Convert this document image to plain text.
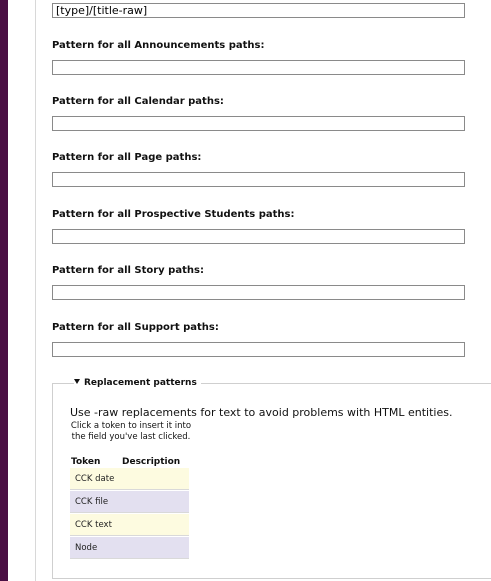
[type]/[title-raw]
Pattern for all Announcements paths:
Pattern for all Calendar paths:
Pattern for all Page paths:
Pattern for all Prospective Students paths:
Pattern for all Story paths:
Pattern for all Support paths:
Replacement patterns
Use -raw replacements for text to avoid problems with HTML entities.
Click a token to insert it into the field you've last clicked.
Token Description
CCK date
CCK file
CCK text
Node
